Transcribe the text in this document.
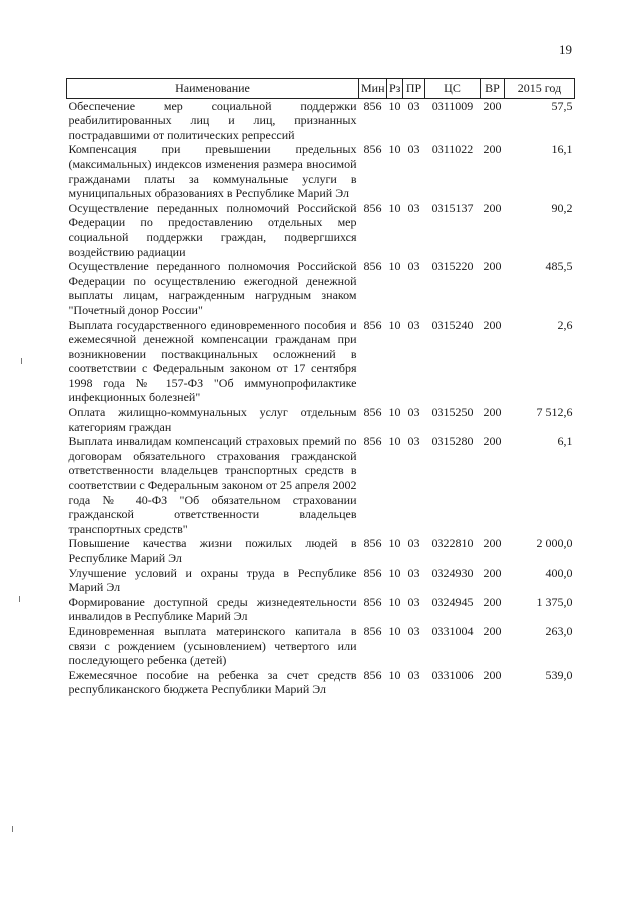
19
Наименование	Мин	Рз	ПР	ЦС	ВР	2015 год
Обеспечение мер социальной поддержки реабилитированных лиц и лиц, признанных пострадавшими от политических репрессий	856	10	03	0311009	200	57,5
Компенсация при превышении предельных (максимальных) индексов изменения размера вносимой гражданами платы за коммунальные услуги в муниципальных образованиях в Республике Марий Эл	856	10	03	0311022	200	16,1
Осуществление переданных полномочий Российской Федерации по предоставлению отдельных мер социальной поддержки граждан, подвергшихся воздействию радиации	856	10	03	0315137	200	90,2
Осуществление переданного полномочия Российской Федерации по осуществлению ежегодной денежной выплаты лицам, награжденным нагрудным знаком "Почетный донор России"	856	10	03	0315220	200	485,5
Выплата государственного единовременного пособия и ежемесячной денежной компенсации гражданам при возникновении поствакцинальных осложнений в соответствии с Федеральным законом от 17 сентября 1998 года № 157-ФЗ "Об иммунопрофилактике инфекционных болезней"	856	10	03	0315240	200	2,6
Оплата жилищно-коммунальных услуг отдельным категориям граждан	856	10	03	0315250	200	7 512,6
Выплата инвалидам компенсаций страховых премий по договорам обязательного страхования гражданской ответственности владельцев транспортных средств в соответствии с Федеральным законом от 25 апреля 2002 года № 40-ФЗ "Об обязательном страховании гражданской ответственности владельцев транспортных средств"	856	10	03	0315280	200	6,1
Повышение качества жизни пожилых людей в Республике Марий Эл	856	10	03	0322810	200	2 000,0
Улучшение условий и охраны труда в Республике Марий Эл	856	10	03	0324930	200	400,0
Формирование доступной среды жизнедеятельности инвалидов в Республике Марий Эл	856	10	03	0324945	200	1 375,0
Единовременная выплата материнского капитала в связи с рождением (усыновлением) четвертого или последующего ребенка (детей)	856	10	03	0331004	200	263,0
Ежемесячное пособие на ребенка за счет средств республиканского бюджета Республики Марий Эл	856	10	03	0331006	200	539,0
